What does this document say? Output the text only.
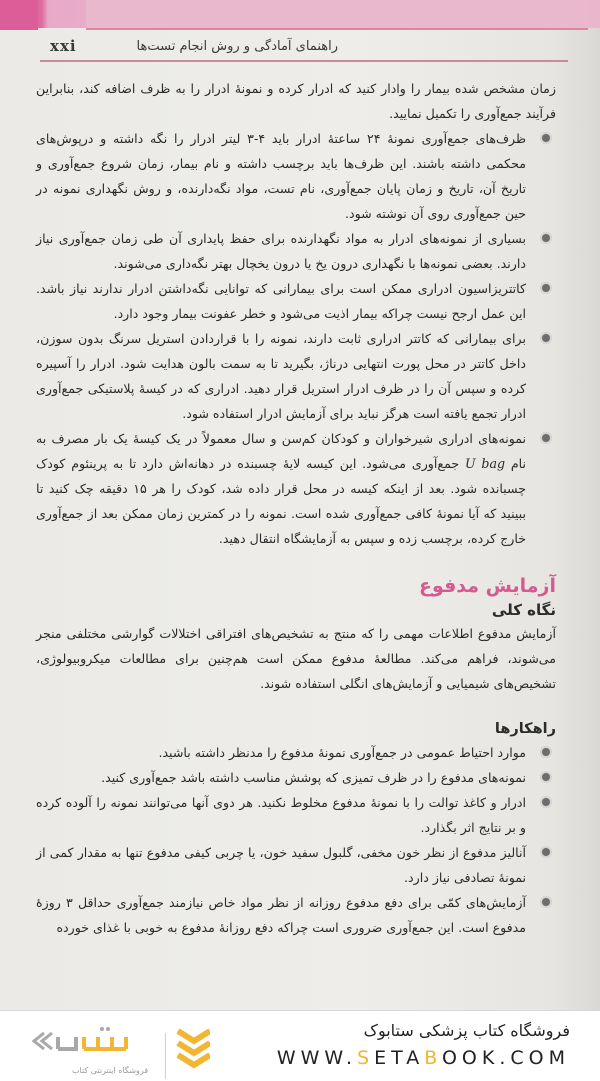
xxi	راهنمای آمادگی و روش انجام تست‌ها

زمان مشخص شده بیمار را وادار کنید که ادرار کرده و نمونهٔ ادرار را به ظرف اضافه کند، بنابراین فرآیند جمع‌آوری را تکمیل نمایید.

ظرف‌های جمع‌آوری نمونهٔ ۲۴ ساعتهٔ ادرار باید ۴-۳ لیتر ادرار را نگه داشته و درپوش‌های محکمی داشته باشند. این ظرف‌ها باید برچسب داشته و نام بیمار، زمان شروع جمع‌آوری و تاریخ آن، تاریخ و زمان پایان جمع‌آوری، نام تست، مواد نگه‌دارنده، و روش نگهداری نمونه در حین جمع‌آوری روی آن نوشته شود.
بسیاری از نمونه‌های ادرار به مواد نگهدارنده برای حفظ پایداری آن طی زمان جمع‌آوری نیاز دارند. بعضی نمونه‌ها با نگهداری درون یخ یا درون یخچال بهتر نگه‌داری می‌شوند.
کاتتریزاسیون ادراری ممکن است برای بیمارانی که توانایی نگه‌داشتن ادرار ندارند نیاز باشد. این عمل ارجح نیست چراکه بیمار اذیت می‌شود و خطر عفونت بیمار وجود دارد.
برای بیمارانی که کاتتر ادراری ثابت دارند، نمونه را با قراردادن استریل سرنگ بدون سوزن، داخل کاتتر در محل پورت انتهایی درناژ، بگیرید تا به سمت بالون هدایت شود. ادرار را آسپیره کرده و سپس آن را در ظرف ادرار استریل قرار دهید. ادراری که در کیسهٔ پلاستیکی جمع‌آوری ادرار تجمع یافته است هرگز نباید برای آزمایش ادرار استفاده شود.
نمونه‌های ادراری شیرخواران و کودکان کم‌سن و سال معمولاً در یک کیسهٔ یک بار مصرف به نام U bag جمع‌آوری می‌شود. این کیسه لایهٔ چسبنده در دهانه‌اش دارد تا به پرینئوم کودک چسبانده شود. بعد از اینکه کیسه در محل قرار داده شد، کودک را هر ۱۵ دقیقه چک کنید تا ببینید که آیا نمونهٔ کافی جمع‌آوری شده است. نمونه را در کمترین زمان ممکن بعد از جمع‌آوری خارج کرده، برچسب زده و سپس به آزمایشگاه انتقال دهید.
آزمایش مدفوع
نگاه کلی

آزمایش مدفوع اطلاعات مهمی را که منتج به تشخیص‌های افتراقی اختلالات گوارشی مختلفی منجر می‌شوند، فراهم می‌کند. مطالعهٔ مدفوع ممکن است هم‌چنین برای مطالعات میکروبیولوژی، تشخیص‌های شیمیایی و آزمایش‌های انگلی استفاده شوند.

راهکارها
موارد احتیاط عمومی در جمع‌آوری نمونهٔ مدفوع را مدنظر داشته باشید.
نمونه‌های مدفوع را در ظرف تمیزی که پوشش مناسب داشته باشد جمع‌آوری کنید.
ادرار و کاغذ توالت را با نمونهٔ مدفوع مخلوط نکنید. هر دوی آنها می‌توانند نمونه را آلوده کرده و بر نتایج اثر بگذارد.
آنالیز مدفوع از نظر خون مخفی، گلبول سفید خون، یا چربی کیفی مدفوع تنها به مقدار کمی از نمونهٔ تصادفی نیاز دارد.
آزمایش‌های کمّی برای دفع مدفوع روزانه از نظر مواد خاص نیازمند جمع‌آوری حداقل ۳ روزهٔ مدفوع است. این جمع‌آوری ضروری است چراکه دفع روزانهٔ مدفوع به خوبی با غذای خورده
فروشگاه اینترنتی کتاب
فروشگاه کتاب پزشکی ستابوک
WWW.SETABOOK.COM
